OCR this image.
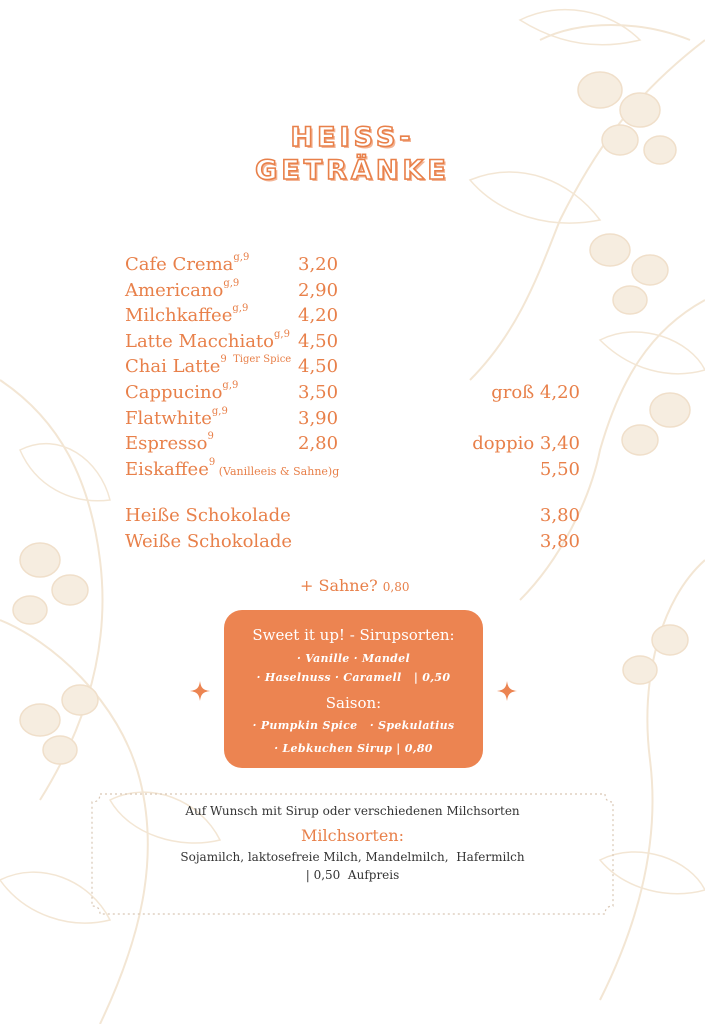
HEISS-
GETRÄNKE
Cafe Crema$^{g,9}$	3,20
Americano$^{g,9}$	2,90
Milchkaffee$^{g,9}$	4,20
Latte Macchiato$^{g,9}$ 4,50
Chai Latte$^{9 Tiger Spice}$ 4,50
Cappucino$^{g,9}$	3,50	groß 4,20
Flatwhite$^{g,9}$	3,90
Espresso$^9$	2,80	doppio 3,40
Eiskaffee$^9$ (Vanilleeis & Sahne)g	5,50
Heiße Schokolade	3,80
Weiße Schokolade	3,80
+ Sahne? 0,80
Sweet it up! - Sirupsorten:
· Vanille · Mandel
· Haselnuss · Caramell   | 0,50
Saison:
· Pumpkin Spice   · Spekulatius
· Lebkuchen Sirup | 0,80
Auf Wunsch mit Sirup oder verschiedenen Milchsorten
Milchsorten:
Sojamilch, laktosefreie Milch, Mandelmilch,  Hafermilch
| 0,50  Aufpreis
